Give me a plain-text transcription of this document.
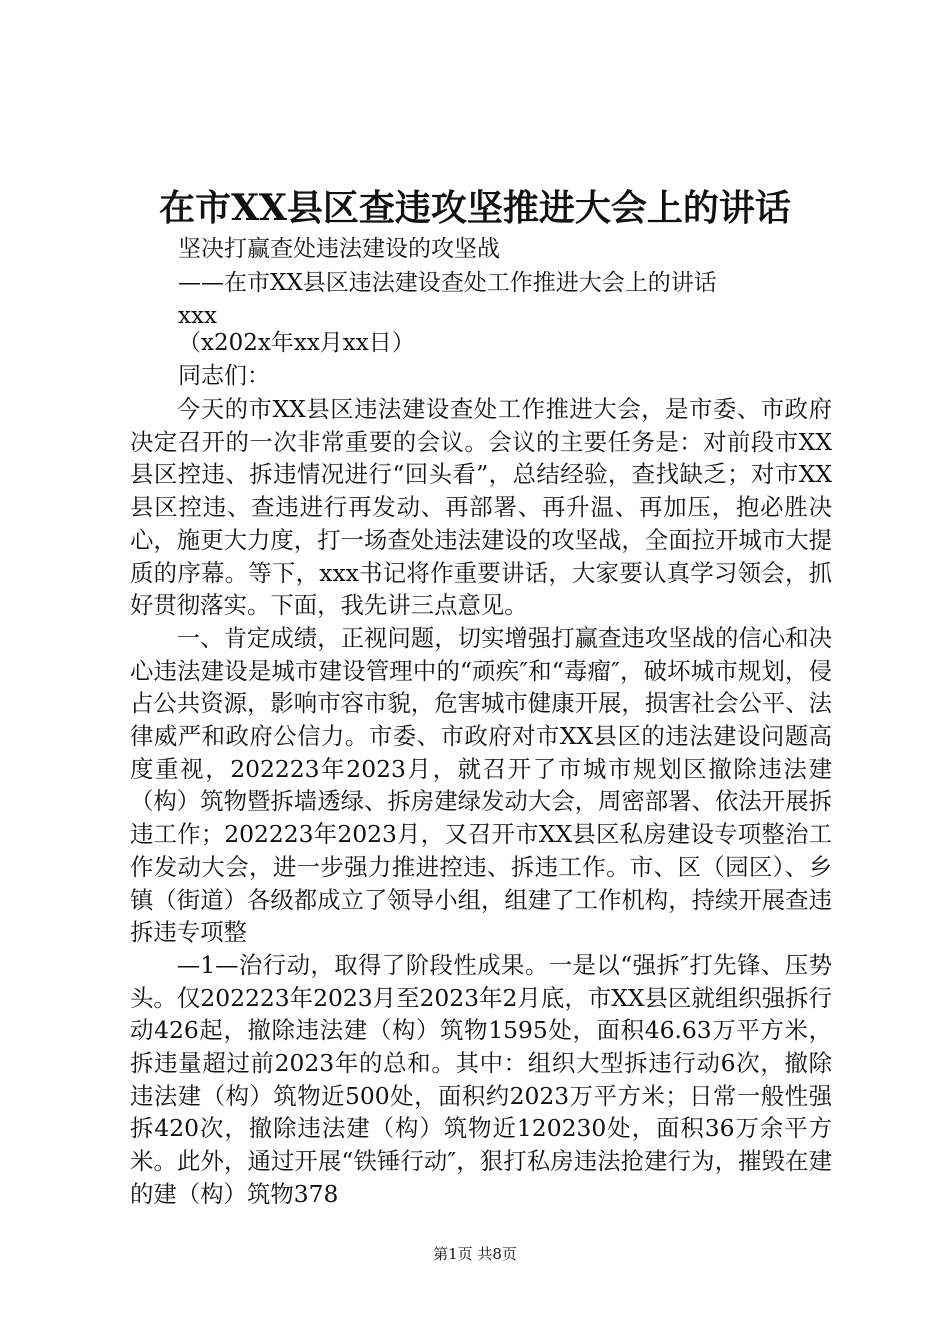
在市XX县区查违攻坚推进大会上的讲话
坚决打赢查处违法建设的攻坚战
——在市XX县区违法建设查处工作推进大会上的讲话
xxx
（x202x年xx月xx日）
同志们：

今天的市XX县区违法建设查处工作推进大会，是市委、市政府决定召开的一次非常重要的会议。会议的主要任务是：对前段市XX县区控违、拆违情况进行“回头看”，总结经验，查找缺乏；对市XX县区控违、查违进行再发动、再部署、再升温、再加压，抱必胜决心，施更大力度，打一场查处违法建设的攻坚战，全面拉开城市大提质的序幕。等下，xxx书记将作重要讲话，大家要认真学习领会，抓好贯彻落实。下面，我先讲三点意见。

一、肯定成绩，正视问题，切实增强打赢查违攻坚战的信心和决心违法建设是城市建设管理中的“顽疾″和“毒瘤″，破坏城市规划，侵占公共资源，影响市容市貌，危害城市健康开展，损害社会公平、法律威严和政府公信力。市委、市政府对市XX县区的违法建设问题高度重视，202223年2023月，就召开了市城市规划区撤除违法建（构）筑物暨拆墙透绿、拆房建绿发动大会，周密部署、依法开展拆违工作；202223年2023月，又召开市XX县区私房建设专项整治工作发动大会，进一步强力推进控违、拆违工作。市、区（园区）、乡镇（街道）各级都成立了领导小组，组建了工作机构，持续开展查违拆违专项整

—1—治行动，取得了阶段性成果。一是以“强拆″打先锋、压势头。仅202223年2023月至2023年2月底，市XX县区就组织强拆行动426起，撤除违法建（构）筑物1595处，面积46.63万平方米，拆违量超过前2023年的总和。其中：组织大型拆违行动6次，撤除违法建（构）筑物近500处，面积约2023万平方米；日常一般性强拆420次，撤除违法建（构）筑物近120230处，面积36万余平方米。此外，通过开展“铁锤行动″，狠打私房违法抢建行为，摧毁在建的建（构）筑物378

第1页 共8页
